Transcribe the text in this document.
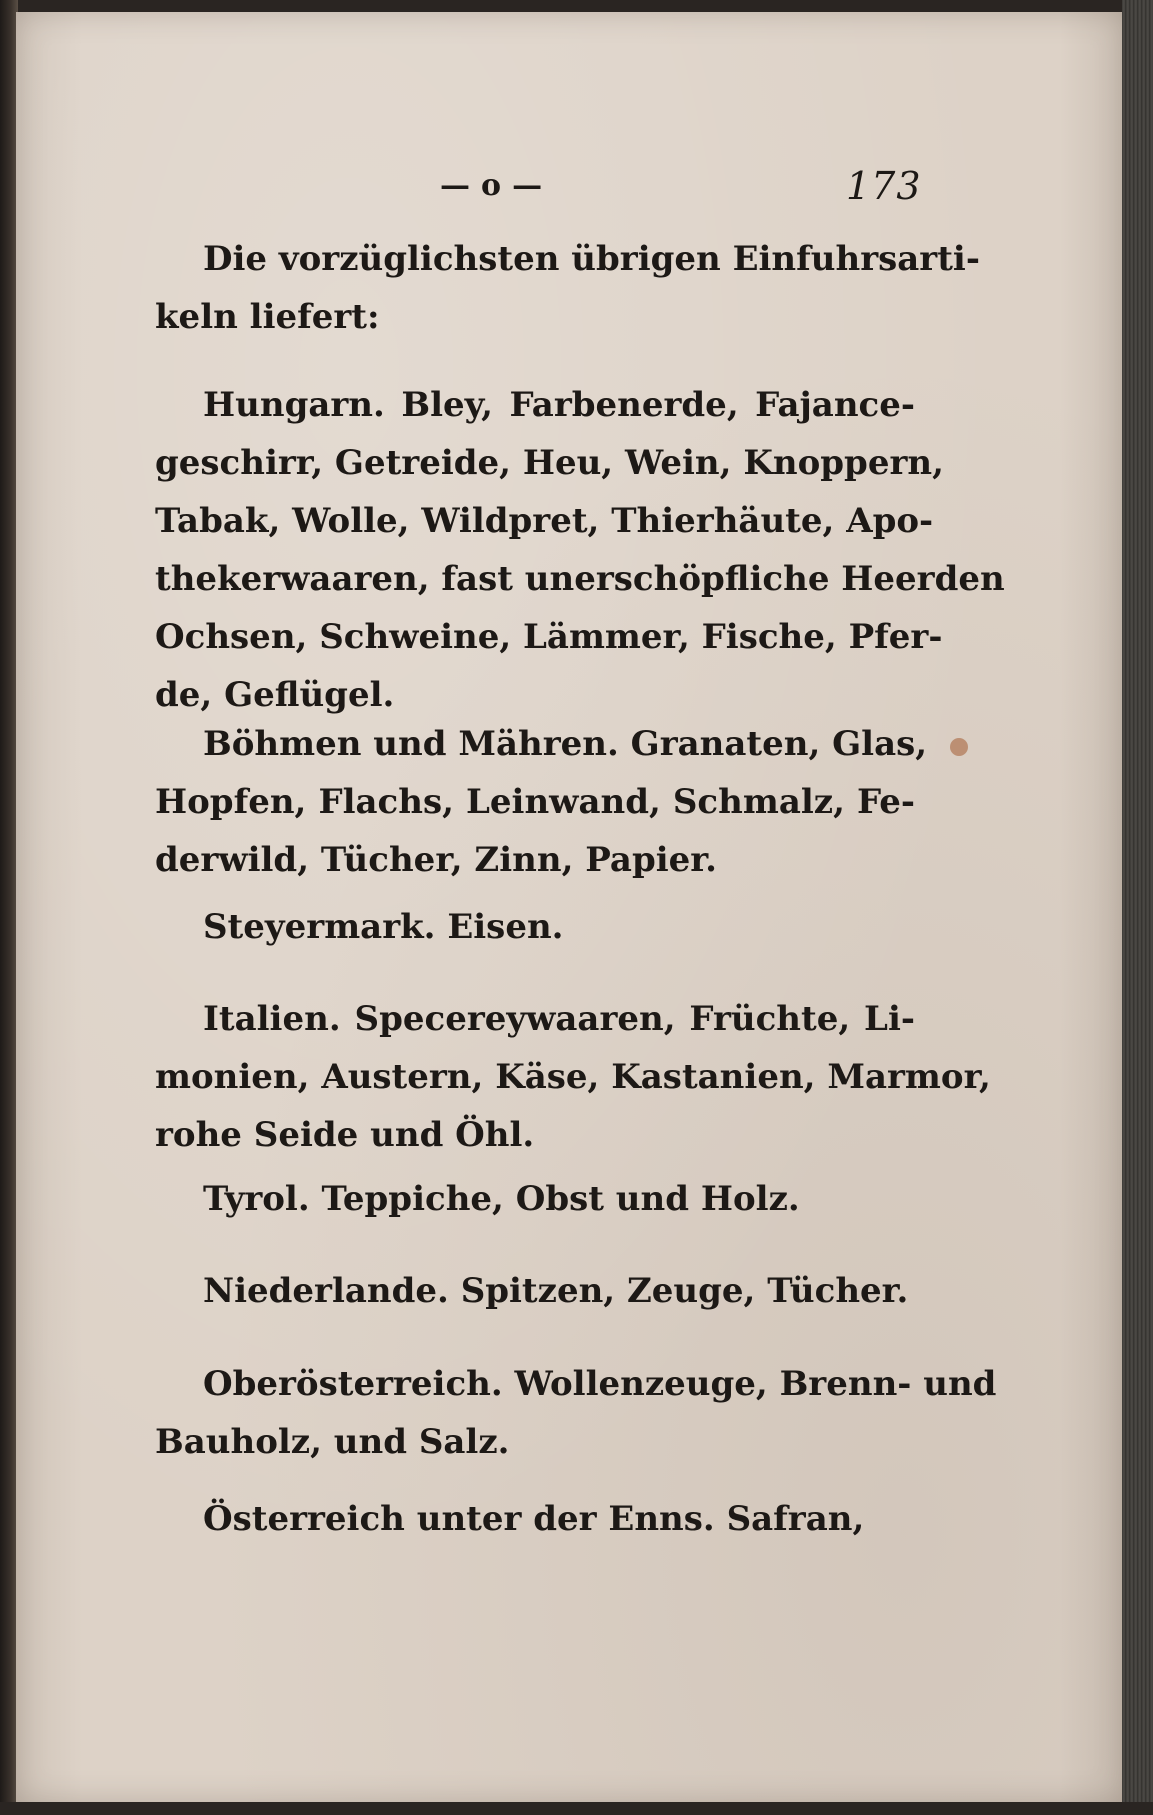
— o —	173
Die vorzüglichsten übrigen Einfuhrsarti-
keln liefert:
Hungarn. Bley, Farbenerde, Fajance-
geschirr, Getreide, Heu, Wein, Knoppern,
Tabak, Wolle, Wildpret, Thierhäute, Apo-
thekerwaaren, fast unerschöpfliche Heerden
Ochsen, Schweine, Lämmer, Fische, Pfer-
de, Geflügel.
Böhmen und Mähren. Granaten, Glas,
Hopfen, Flachs, Leinwand, Schmalz, Fe-
derwild, Tücher, Zinn, Papier.
Steyermark. Eisen.
Italien. Specereywaaren, Früchte, Li-
monien, Austern, Käse, Kastanien, Marmor,
rohe Seide und Öhl.
Tyrol. Teppiche, Obst und Holz.
Niederlande. Spitzen, Zeuge, Tücher.
Oberösterreich. Wollenzeuge, Brenn- und
Bauholz, und Salz.
Österreich unter der Enns. Safran,
